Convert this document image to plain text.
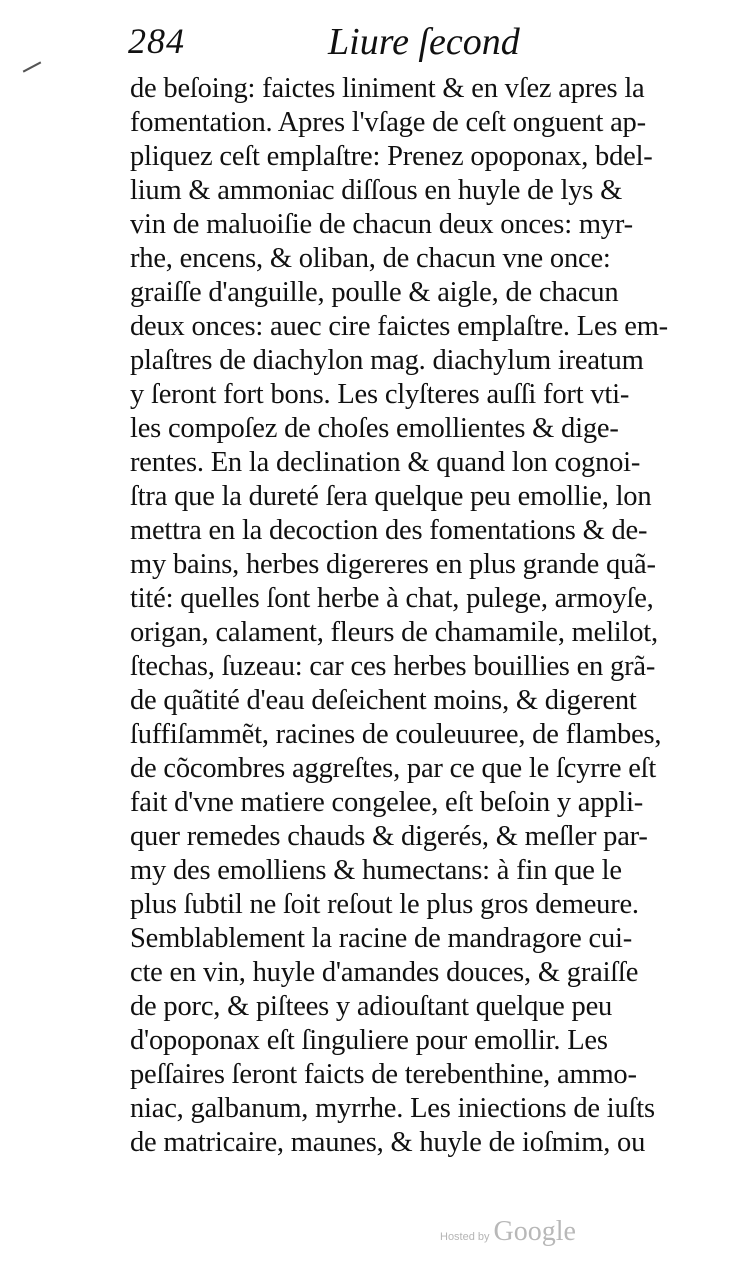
284	Liure ſecond
de beſoing: faictes liniment & en vſez apres la
fomentation. Apres l'vſage de ceſt onguent ap-
pliquez ceſt emplaſtre: Prenez opoponax, bdel-
lium & ammoniac diſſous en huyle de lys &
vin de maluoiſie de chacun deux onces: myr-
rhe, encens, & oliban, de chacun vne once:
graiſſe d'anguille, poulle & aigle, de chacun
deux onces: auec cire faictes emplaſtre. Les em-
plaſtres de diachylon mag. diachylum ireatum
y ſeront fort bons. Les clyſteres auſſi fort vti-
les compoſez de choſes emollientes & dige-
rentes. En la declination & quand lon cognoi-
ſtra que la dureté ſera quelque peu emollie, lon
mettra en la decoction des fomentations & de-
my bains, herbes digereres en plus grande quã-
tité: quelles ſont herbe à chat, pulege, armoyſe,
origan, calament, fleurs de chamamile, melilot,
ſtechas, ſuzeau: car ces herbes bouillies en grã-
de quãtité d'eau deſeichent moins, & digerent
ſuffiſammẽt, racines de couleuuree, de flambes,
de cõcombres aggreſtes, par ce que le ſcyrre eſt
fait d'vne matiere congelee, eſt beſoin y appli-
quer remedes chauds & digerés, & meſler par-
my des emolliens & humectans: à fin que le
plus ſubtil ne ſoit reſout le plus gros demeure.
Semblablement la racine de mandragore cui-
cte en vin, huyle d'amandes douces, & graiſſe
de porc, & piſtees y adiouſtant quelque peu
d'opoponax eſt ſinguliere pour emollir. Les
peſſaires ſeront faicts de terebenthine, ammo-
niac, galbanum, myrrhe. Les iniections de iuſts
de matricaire, maunes, & huyle de ioſmim, ou
Hosted by Google
